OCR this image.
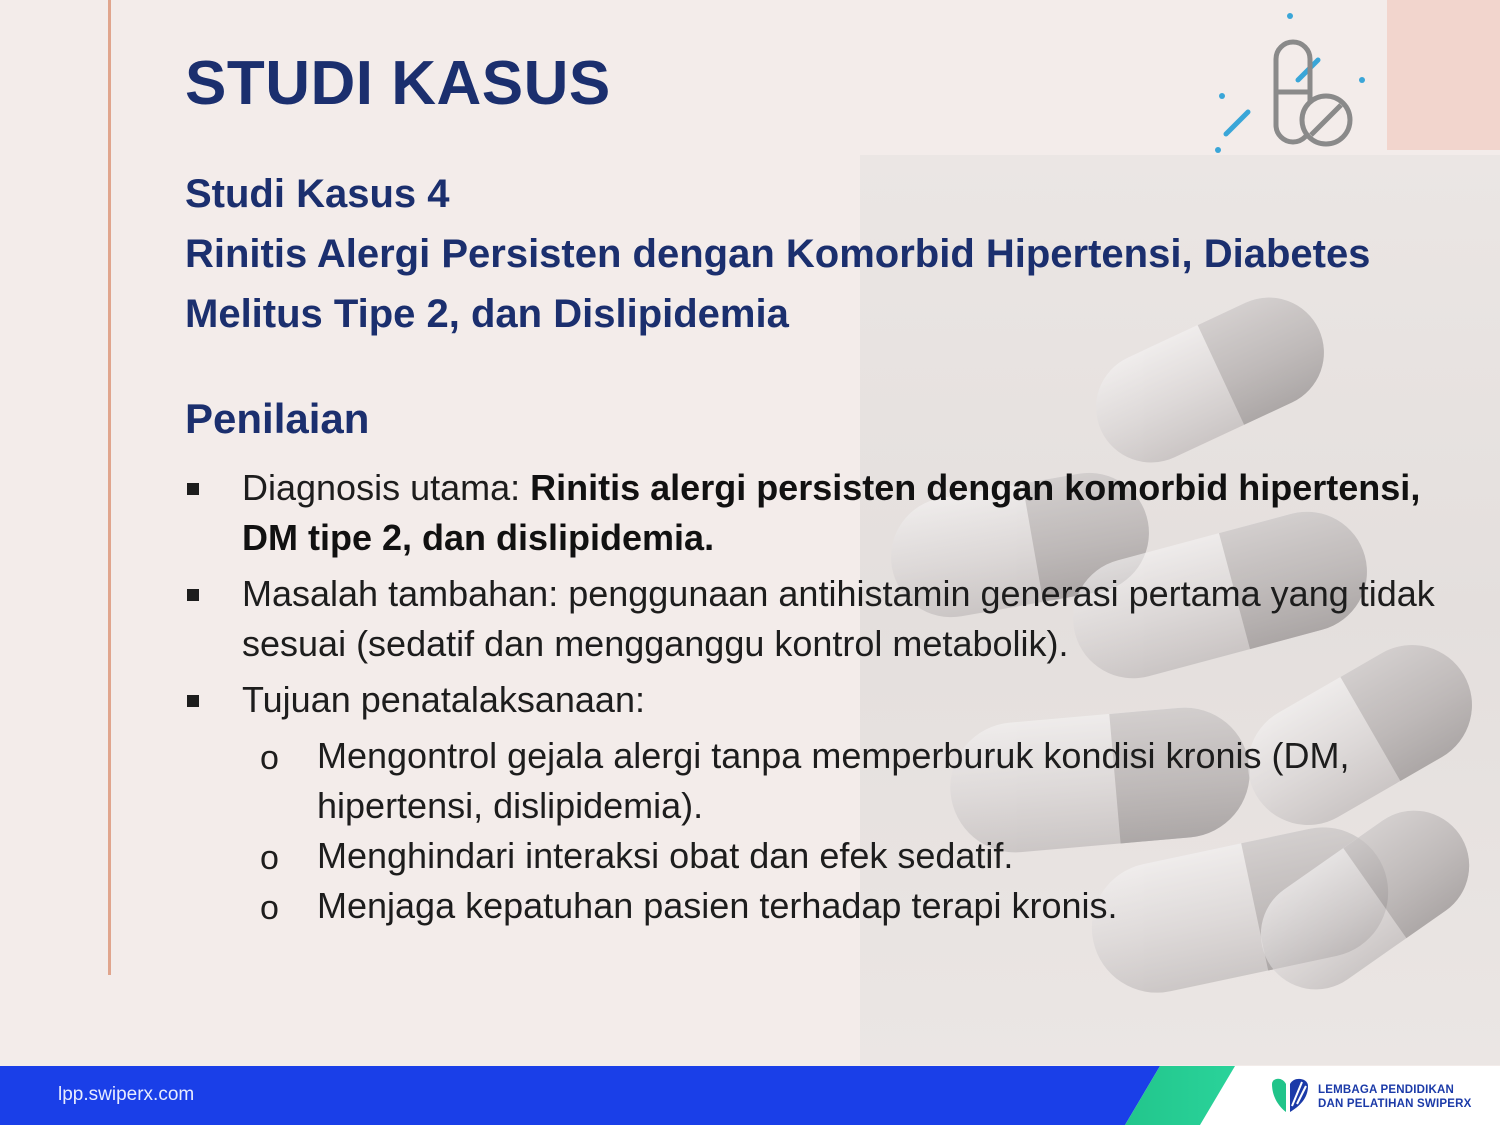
STUDI KASUS
Studi Kasus 4
Rinitis Alergi Persisten dengan Komorbid Hipertensi, Diabetes
Melitus Tipe 2, dan Dislipidemia
Penilaian
Diagnosis utama: Rinitis alergi persisten dengan komorbid hipertensi, DM tipe 2, dan dislipidemia.
Masalah tambahan: penggunaan antihistamin generasi pertama yang tidak sesuai (sedatif dan mengganggu kontrol metabolik).
Tujuan penatalaksanaan:
o Mengontrol gejala alergi tanpa memperburuk kondisi kronis (DM, hipertensi, dislipidemia).
o Menghindari interaksi obat dan efek sedatif.
o Menjaga kepatuhan pasien terhadap terapi kronis.
lpp.swiperx.com	LEMBAGA PENDIDIKAN
DAN PELATIHAN SWIPERX
